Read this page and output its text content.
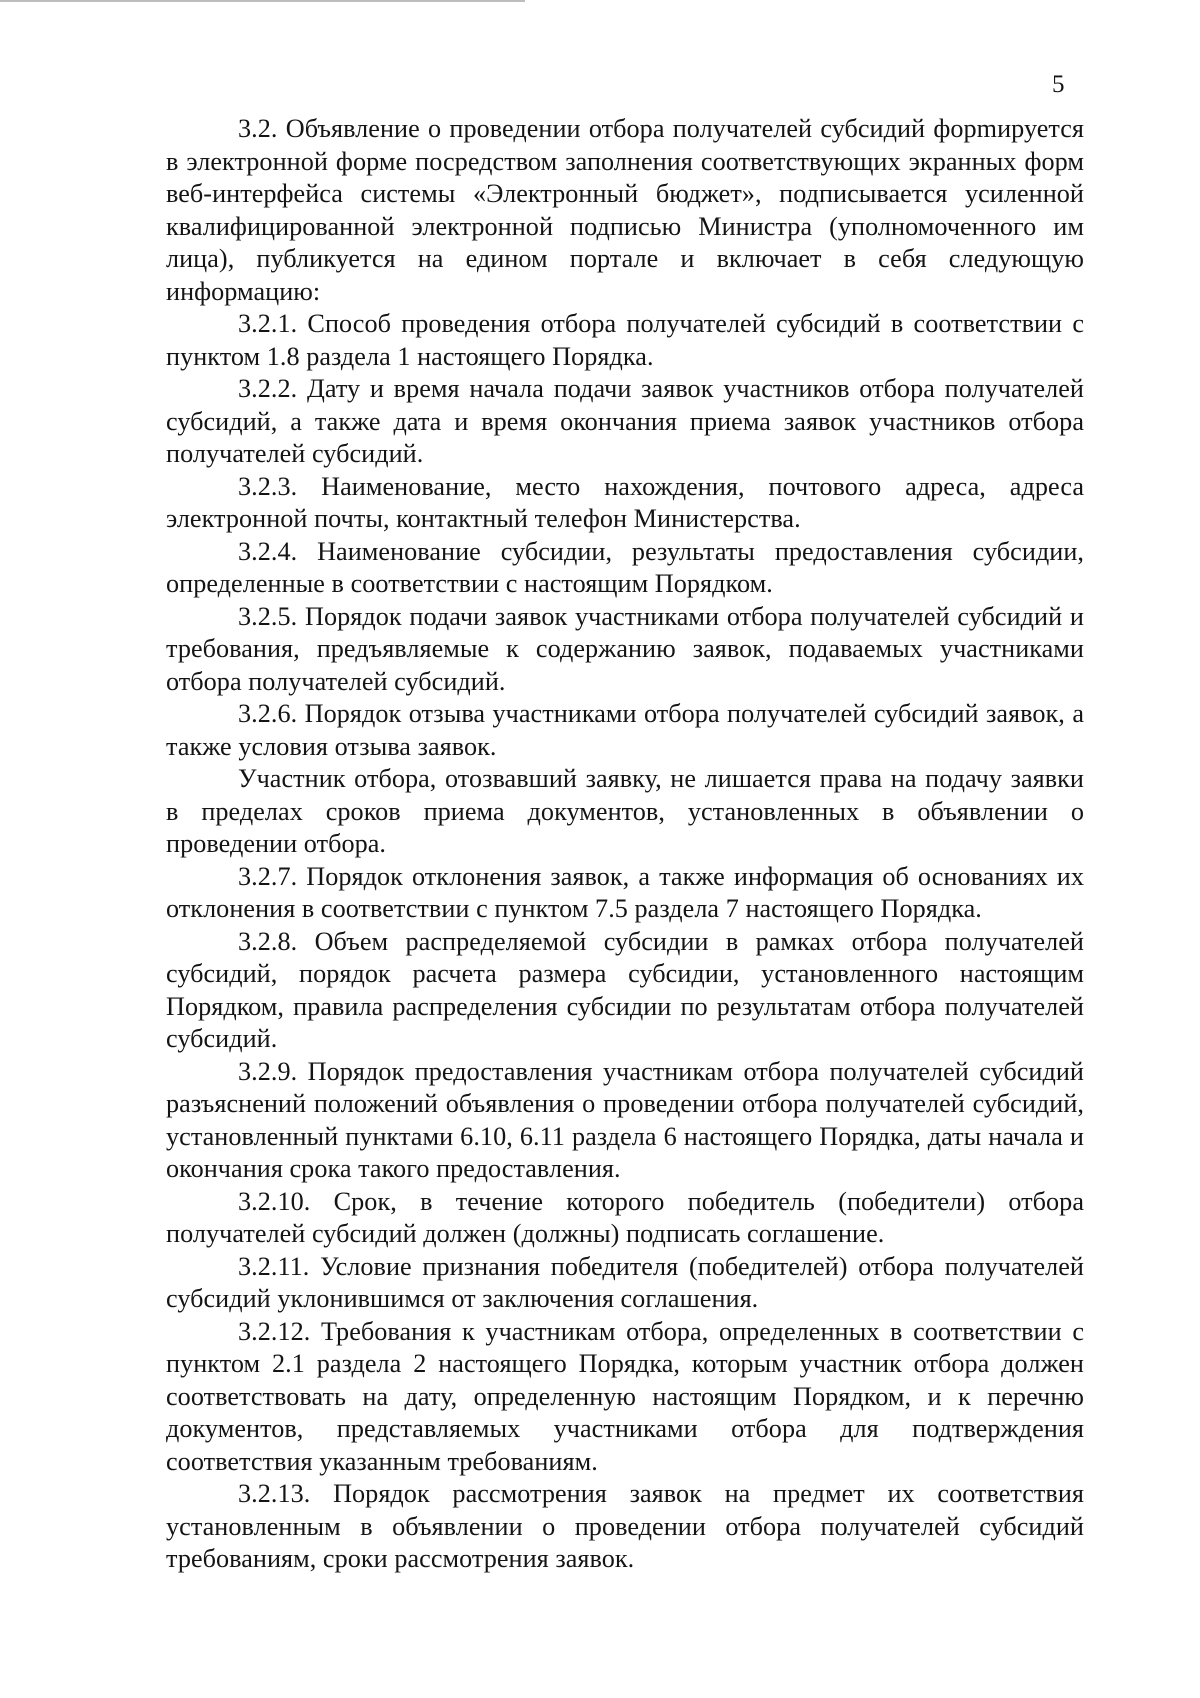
5

3.2. Объявление о проведении отбора получателей субсидий форmируется в электронной форме посредством заполнения соответствующих экранных форм веб-интерфейса системы «Электронный бюджет», подписывается усиленной квалифицированной электронной подписью Министра (уполномоченного им лица), публикуется на едином портале и включает в себя следующую информацию:

3.2.1. Способ проведения отбора получателей субсидий в соответствии с пунктом 1.8 раздела 1 настоящего Порядка.

3.2.2. Дату и время начала подачи заявок участников отбора получателей субсидий, а также дата и время окончания приема заявок участников отбора получателей субсидий.

3.2.3. Наименование, место нахождения, почтового адреса, адреса электронной почты, контактный телефон Министерства.

3.2.4. Наименование субсидии, результаты предоставления субсидии, определенные в соответствии с настоящим Порядком.

3.2.5. Порядок подачи заявок участниками отбора получателей субсидий и требования, предъявляемые к содержанию заявок, подаваемых участниками отбора получателей субсидий.

3.2.6. Порядок отзыва участниками отбора получателей субсидий заявок, а также условия отзыва заявок.

Участник отбора, отозвавший заявку, не лишается права на подачу заявки в пределах сроков приема документов, установленных в объявлении о проведении отбора.

3.2.7. Порядок отклонения заявок, а также информация об основаниях их отклонения в соответствии с пунктом 7.5 раздела 7 настоящего Порядка.

3.2.8. Объем распределяемой субсидии в рамках отбора получателей субсидий, порядок расчета размера субсидии, установленного настоящим Порядком, правила распределения субсидии по результатам отбора получателей субсидий.

3.2.9. Порядок предоставления участникам отбора получателей субсидий разъяснений положений объявления о проведении отбора получателей субсидий, установленный пунктами 6.10, 6.11 раздела 6 настоящего Порядка, даты начала и окончания срока такого предоставления.

3.2.10. Срок, в течение которого победитель (победители) отбора получателей субсидий должен (должны) подписать соглашение.

3.2.11. Условие признания победителя (победителей) отбора получателей субсидий уклонившимся от заключения соглашения.

3.2.12. Требования к участникам отбора, определенных в соответствии с пунктом 2.1 раздела 2 настоящего Порядка, которым участник отбора должен соответствовать на дату, определенную настоящим Порядком, и к перечню документов, представляемых участниками отбора для подтверждения соответствия указанным требованиям.

3.2.13. Порядок рассмотрения заявок на предмет их соответствия установленным в объявлении о проведении отбора получателей субсидий требованиям, сроки рассмотрения заявок.
